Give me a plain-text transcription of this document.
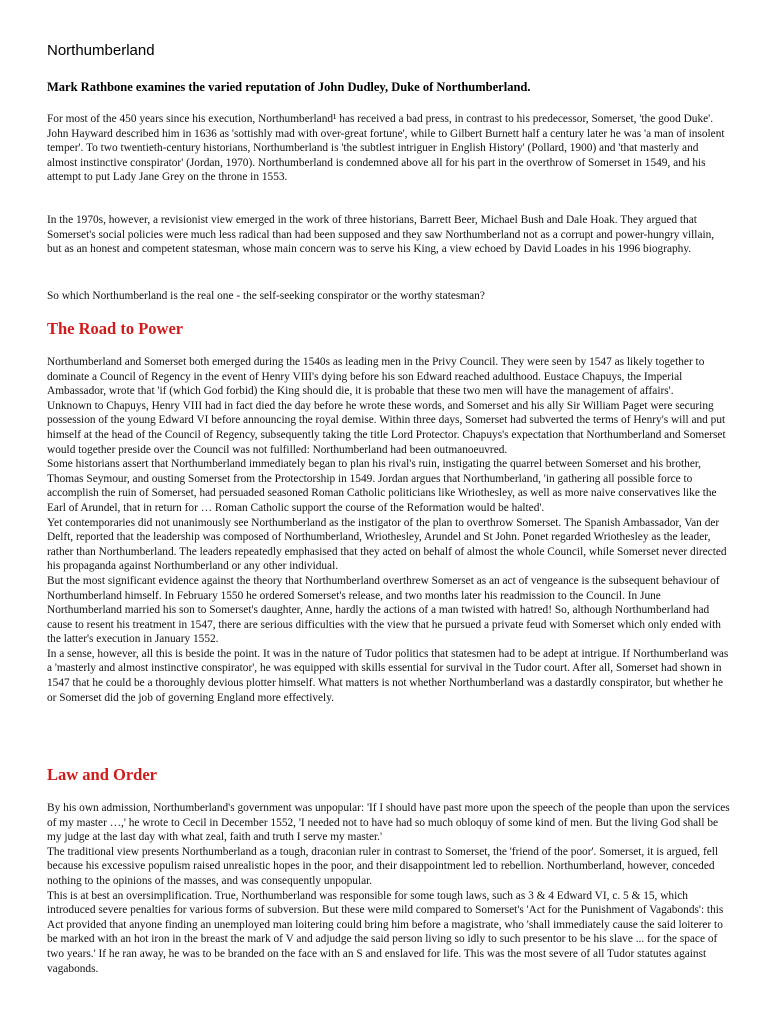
Northumberland
Mark Rathbone examines the varied reputation of John Dudley, Duke of Northumberland.

For most of the 450 years since his execution, Northumberland¹ has received a bad press, in contrast to his predecessor, Somerset, 'the good Duke'. John Hayward described him in 1636 as 'sottishly mad with over-great fortune', while to Gilbert Burnett half a century later he was 'a man of insolent temper'. To two twentieth-century historians, Northumberland is 'the subtlest intriguer in English History' (Pollard, 1900) and 'that masterly and almost instinctive conspirator' (Jordan, 1970). Northumberland is condemned above all for his part in the overthrow of Somerset in 1549, and his attempt to put Lady Jane Grey on the throne in 1553.

In the 1970s, however, a revisionist view emerged in the work of three historians, Barrett Beer, Michael Bush and Dale Hoak. They argued that Somerset's social policies were much less radical than had been supposed and they saw Northumberland not as a corrupt and power-hungry villain, but as an honest and competent statesman, whose main concern was to serve his King, a view echoed by David Loades in his 1996 biography.

So which Northumberland is the real one - the self-seeking conspirator or the worthy statesman?

The Road to Power

Northumberland and Somerset both emerged during the 1540s as leading men in the Privy Council. They were seen by 1547 as likely together to dominate a Council of Regency in the event of Henry VIII's dying before his son Edward reached adulthood. Eustace Chapuys, the Imperial Ambassador, wrote that 'if (which God forbid) the King should die, it is probable that these two men will have the management of affairs'.

Unknown to Chapuys, Henry VIII had in fact died the day before he wrote these words, and Somerset and his ally Sir William Paget were securing possession of the young Edward VI before announcing the royal demise. Within three days, Somerset had subverted the terms of Henry's will and put himself at the head of the Council of Regency, subsequently taking the title Lord Protector. Chapuys's expectation that Northumberland and Somerset would together preside over the Council was not fulfilled: Northumberland had been outmanoeuvred.

Some historians assert that Northumberland immediately began to plan his rival's ruin, instigating the quarrel between Somerset and his brother, Thomas Seymour, and ousting Somerset from the Protectorship in 1549. Jordan argues that Northumberland, 'in gathering all possible force to accomplish the ruin of Somerset, had persuaded seasoned Roman Catholic politicians like Wriothesley, as well as more naive conservatives like the Earl of Arundel, that in return for … Roman Catholic support the course of the Reformation would be halted'.

Yet contemporaries did not unanimously see Northumberland as the instigator of the plan to overthrow Somerset. The Spanish Ambassador, Van der Delft, reported that the leadership was composed of Northumberland, Wriothesley, Arundel and St John. Ponet regarded Wriothesley as the leader, rather than Northumberland. The leaders repeatedly emphasised that they acted on behalf of almost the whole Council, while Somerset never directed his propaganda against Northumberland or any other individual.

But the most significant evidence against the theory that Northumberland overthrew Somerset as an act of vengeance is the subsequent behaviour of Northumberland himself. In February 1550 he ordered Somerset's release, and two months later his readmission to the Council. In June Northumberland married his son to Somerset's daughter, Anne, hardly the actions of a man twisted with hatred! So, although Northumberland had cause to resent his treatment in 1547, there are serious difficulties with the view that he pursued a private feud with Somerset which only ended with the latter's execution in January 1552.

In a sense, however, all this is beside the point. It was in the nature of Tudor politics that statesmen had to be adept at intrigue. If Northumberland was a 'masterly and almost instinctive conspirator', he was equipped with skills essential for survival in the Tudor court. After all, Somerset had shown in 1547 that he could be a thoroughly devious plotter himself. What matters is not whether Northumberland was a dastardly conspirator, but whether he or Somerset did the job of governing England more effectively.

Law and Order

By his own admission, Northumberland's government was unpopular: 'If I should have past more upon the speech of the people than upon the services of my master …,' he wrote to Cecil in December 1552, 'I needed not to have had so much obloquy of some kind of men. But the living God shall be my judge at the last day with what zeal, faith and truth I serve my master.'

The traditional view presents Northumberland as a tough, draconian ruler in contrast to Somerset, the 'friend of the poor'. Somerset, it is argued, fell because his excessive populism raised unrealistic hopes in the poor, and their disappointment led to rebellion. Northumberland, however, conceded nothing to the opinions of the masses, and was consequently unpopular.

This is at best an oversimplification. True, Northumberland was responsible for some tough laws, such as 3 & 4 Edward VI, c. 5 & 15, which introduced severe penalties for various forms of subversion. But these were mild compared to Somerset's 'Act for the Punishment of Vagabonds': this Act provided that anyone finding an unemployed man loitering could bring him before a magistrate, who 'shall immediately cause the said loiterer to be marked with an hot iron in the breast the mark of V and adjudge the said person living so idly to such presentor to be his slave ... for the space of two years.' If he ran away, he was to be branded on the face with an S and enslaved for life. This was the most severe of all Tudor statutes against vagabonds.
